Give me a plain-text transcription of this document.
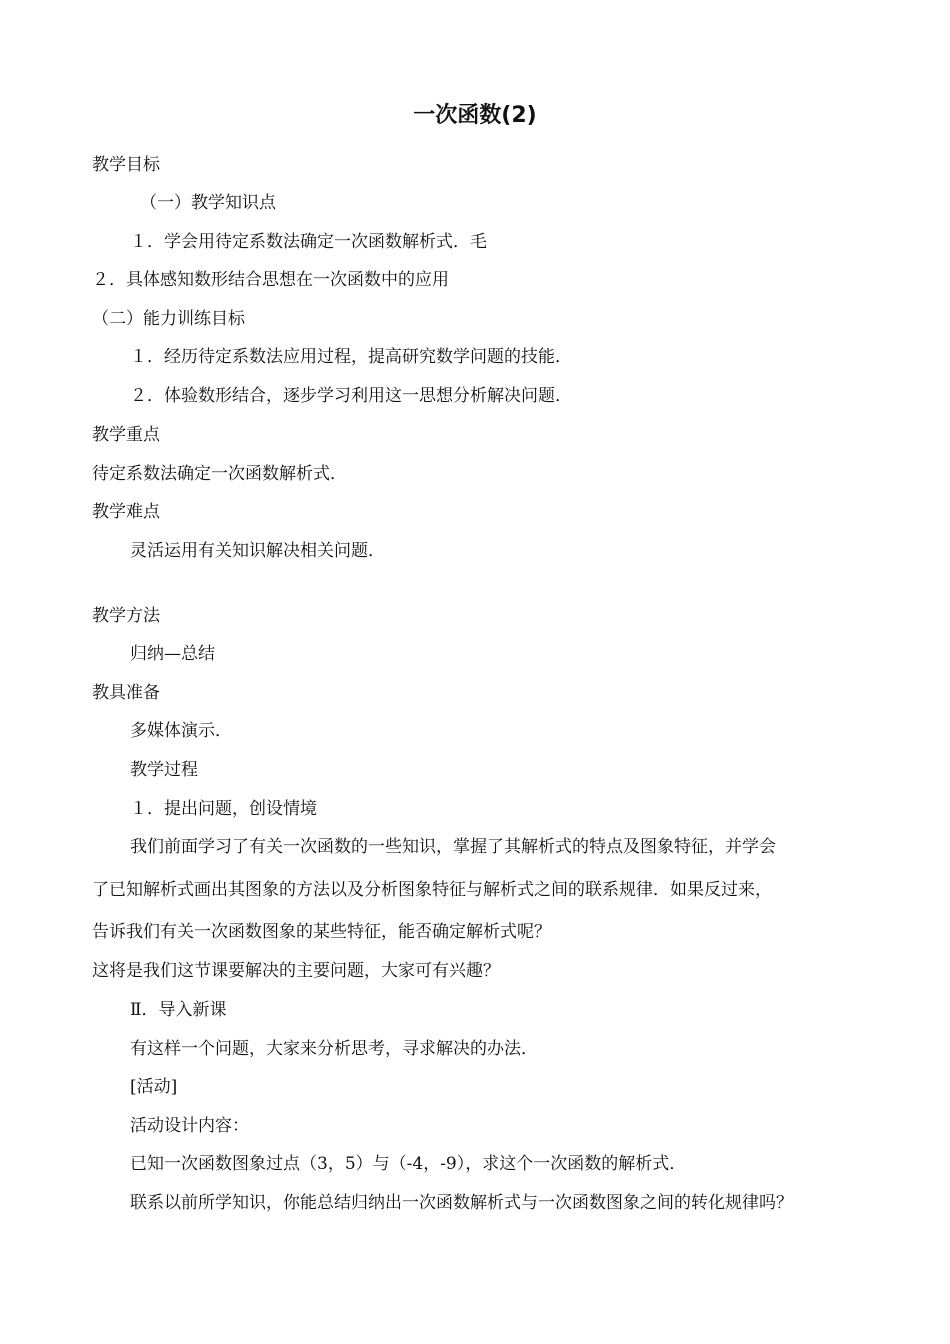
一次函数(2)
教学目标
（一）教学知识点
１．学会用待定系数法确定一次函数解析式．毛
２．具体感知数形结合思想在一次函数中的应用
（二）能力训练目标
１．经历待定系数法应用过程，提高研究数学问题的技能．
２．体验数形结合，逐步学习利用这一思想分析解决问题．
教学重点
待定系数法确定一次函数解析式．
教学难点
灵活运用有关知识解决相关问题．
教学方法
归纳—总结
教具准备
多媒体演示．
教学过程
１．提出问题，创设情境
我们前面学习了有关一次函数的一些知识，掌握了其解析式的特点及图象特征，并学会
了已知解析式画出其图象的方法以及分析图象特征与解析式之间的联系规律．如果反过来，
告诉我们有关一次函数图象的某些特征，能否确定解析式呢？
这将是我们这节课要解决的主要问题，大家可有兴趣？
Ⅱ．导入新课
有这样一个问题，大家来分析思考，寻求解决的办法．
[活动]
活动设计内容：
已知一次函数图象过点（3，5）与（-4，-9），求这个一次函数的解析式．
联系以前所学知识，你能总结归纳出一次函数解析式与一次函数图象之间的转化规律吗？
